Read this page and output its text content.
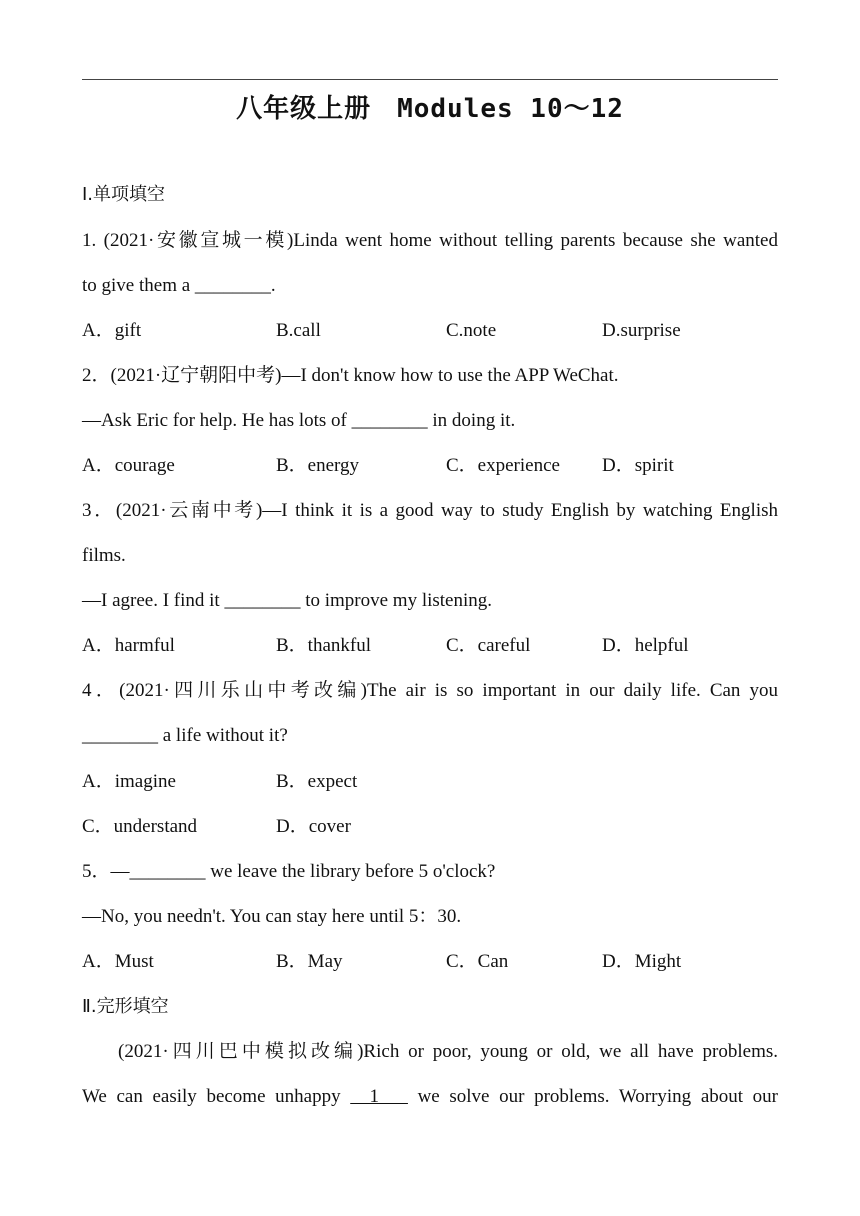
八年级上册 Modules 10～12
Ⅰ.单项填空
1. (2021·安徽宣城一模)Linda went home without telling parents because she wanted
to give them a ________.
A．gift	B.call	C.note	D.surprise
2．(2021·辽宁朝阳中考)—I don't know how to use the APP WeChat.
—Ask Eric for help. He has lots of ________ in doing it.
A．courage	B．energy	C．experience D．spirit
3．(2021·云南中考)—I think it is a good way to study English by watching English
films.
—I agree. I find it ________ to improve my listening.
A．harmful	B．thankful	C．careful	D．helpful
4．(2021·四川乐山中考改编)The air is so important in our daily life. Can you
________ a life without it?
A．imagine	B．expect
C．understand	D．cover
5．—________ we leave the library before 5 o'clock?
—No, you needn't. You can stay here until 5：30.
A．Must	B．May	C．Can	D．Might
Ⅱ.完形填空
(2021·四川巴中模拟改编)Rich or poor, young or old, we all have problems.
We can easily become unhappy   1    we solve our problems. Worrying about our
